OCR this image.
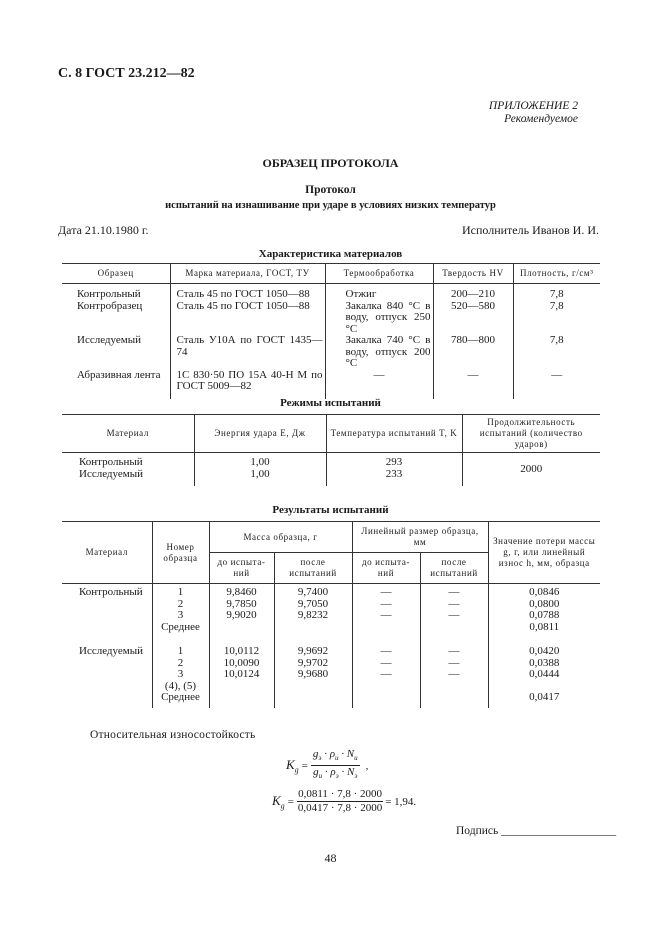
С. 8 ГОСТ 23.212—82
ПРИЛОЖЕНИЕ 2
Рекомендуемое
ОБРАЗЕЦ ПРОТОКОЛА
Протокол
испытаний на изнашивание при ударе в условиях низких температур
Дата 21.10.1980 г.	Исполнитель Иванов И. И.
Характеристика материалов
Образец	Марка материала, ГОСТ, ТУ	Термообработка	Твердость HV	Плотность, г/см³
Контрольный	Сталь 45 по ГОСТ 1050—88	Отжиг	200—210	7,8
Контробразец	Сталь 45 по ГОСТ 1050—88	Закалка 840 °С в воду, отпуск 250 °С	520—580	7,8
Исследуемый	Сталь У10А по ГОСТ 1435—74	Закалка 740 °С в воду, отпуск 200 °С	780—800	7,8
Абразивная лента	1С 830·50 ПО 15А 40-Н М по ГОСТ 5009—82	—	—	—
Режимы испытаний
Материал	Энергия удара E, Дж	Температура испытаний T, K	Продолжительность испытаний (количество ударов)
Контрольный	1,00	293	2000
Исследуемый	1,00	233	
Результаты испытаний
Материал	Номер образца	Масса образца, г		Линейный размер образца, мм		Значение потери массы g, г, или линейный износ h, мм, образца
		до испыта-ний	после испытаний	до испыта-ний	после испытаний	
Контрольный	1	9,8460	9,7400	—	—	0,0846
	2	9,7850	9,7050	—	—	0,0800
	3	9,9020	9,8232	—	—	0,0788
	Среднее					0,0811

Исследуемый	1	10,0112	9,9692	—	—	0,0420
	2	10,0090	9,9702	—	—	0,0388
	3	10,0124	9,9680	—	—	0,0444
	(4), (5)					
	Среднее					0,0417
Относительная износостойкость
$K_g$ =
$g_э \cdot \rho_и \cdot N_и$
$g_и \cdot \rho_э \cdot N_э$
,
$K_g = \frac{0,0811 \cdot 7,8 \cdot 2000}{0,0417 \cdot 7,8 \cdot 2000} = 1,94$.
Подпись ____________________
48
